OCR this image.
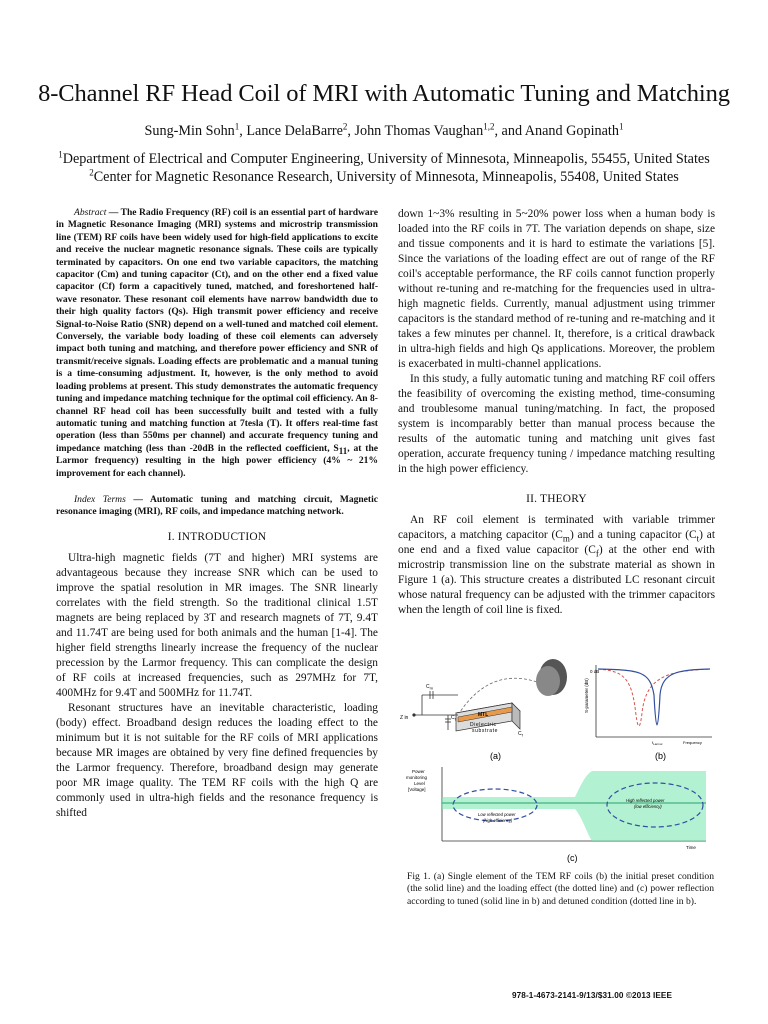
8-Channel RF Head Coil of MRI with Automatic Tuning and Matching
Sung-Min Sohn$^1$, Lance DelaBarre$^2$, John Thomas Vaughan$^{1,2}$, and Anand Gopinath$^1$
$^1$Department of Electrical and Computer Engineering, University of Minnesota, Minneapolis, 55455, United States
$^2$Center for Magnetic Resonance Research, University of Minnesota, Minneapolis, 55408, United States

Abstract — The Radio Frequency (RF) coil is an essential part of hardware in Magnetic Resonance Imaging (MRI) systems and microstrip transmission line (TEM) RF coils have been widely used for high-field applications to excite and receive the nuclear magnetic resonance signals. These coils are typically terminated by capacitors. On one end two variable capacitors, the matching capacitor (Cm) and tuning capacitor (Ct), and on the other end a fixed value capacitor (Cf) form a capacitively tuned, matched, and foreshortened half-wave resonator. These resonant coil elements have narrow bandwidth due to their high quality factors (Qs). High transmit power efficiency and receive Signal-to-Noise Ratio (SNR) depend on a well-tuned and matched coil element. Conversely, the variable body loading of these coil elements can adversely impact both tuning and matching, and therefore power efficiency and SNR of transmit/receive signals. Loading effects are problematic and a manual tuning is a time-consuming adjustment. It, however, is the only method to avoid loading problems at present. This study demonstrates the automatic frequency tuning and impedance matching technique for the optimal coil efficiency. An 8-channel RF head coil has been successfully built and tested with a fully automatic tuning and matching function at 7tesla (T). It offers real-time fast operation (less than 550ms per channel) and accurate frequency tuning and impedance matching (less than -20dB in the reflected coefficient, $S_{11}$, at the Larmor frequency) resulting in the high power efficiency (4% ~ 21% improvement for each channel).

Index Terms — Automatic tuning and matching circuit, Magnetic resonance imaging (MRI), RF coils, and impedance matching network.

I. INTRODUCTION

Ultra-high magnetic fields (7T and higher) MRI systems are advantageous because they increase SNR which can be used to improve the spatial resolution in MR images. The SNR linearly correlates with the field strength. So the traditional clinical 1.5T magnets are being replaced by 3T and research magnets of 7T, 9.4T and 11.74T are being used for both animals and the human [1-4]. The higher field strengths linearly increase the frequency of the nuclear precession by the Larmor frequency. This can complicate the design of RF coils at increased frequencies, such as 297MHz for 7T, 400MHz for 9.4T and 500MHz for 11.74T.

Resonant structures have an inevitable characteristic, loading (body) effect. Broadband design reduces the loading effect to the minimum but it is not suitable for the RF coils of MRI applications because MR images are obtained by very fine defined frequencies by the Larmor frequency. Therefore, broadband design may generate poor MR image quality. The TEM RF coils with the high Q are commonly used in ultra-high fields and the resonance frequency is shifted

down 1~3% resulting in 5~20% power loss when a human body is loaded into the RF coils in 7T. The variation depends on shape, size and tissue components and it is hard to estimate the variations [5]. Since the variations of the loading effect are out of range of the RF coil's acceptable performance, the RF coils cannot function properly without re-tuning and re-matching for the frequencies used in ultra-high magnetic fields. Currently, manual adjustment using trimmer capacitors is the standard method of re-tuning and re-matching and it takes a few minutes per channel. It, therefore, is a critical drawback in ultra-high fields and high Qs applications. Moreover, the problem is exacerbated in multi-channel applications.

In this study, a fully automatic tuning and matching RF coil offers the feasibility of overcoming the existing method, time-consuming and troublesome manual tuning/matching. In fact, the proposed system is incomparably better than manual process because the results of the automatic tuning and matching unit gives fast operation, accurate frequency tuning / impedance matching resulting in the high power efficiency.

II. THEORY

An RF coil element is terminated with variable trimmer capacitors, a matching capacitor $(C_m)$ and a tuning capacitor $(C_t)$ at one end and a fixed value capacitor $(C_f)$ at the other end with microstrip transmission line on the substrate material as shown in Figure 1 (a). This structure creates a distributed LC resonant circuit whose natural frequency can be adjusted with the trimmer capacitors when the length of coil line is fixed.

$C_m$
$C_t$
$C_f$
Z in	MTL
Dielectric
substrate
(a)
0 dB
S-parameter (dB)
$f_{Larmor}$	Frequency
(b)
Power
monitoring
Level
[Voltage]
Time
Low reflected power
(high efficiency)
High reflected power
(low efficiency)
(c)

Fig 1. (a) Single element of the TEM RF coils (b) the initial preset condition (the solid line) and the loading effect (the dotted line) and (c) power reflection according to tuned (solid line in b) and detuned condition (dotted line in b).

978-1-4673-2141-9/13/$31.00 ©2013 IEEE
